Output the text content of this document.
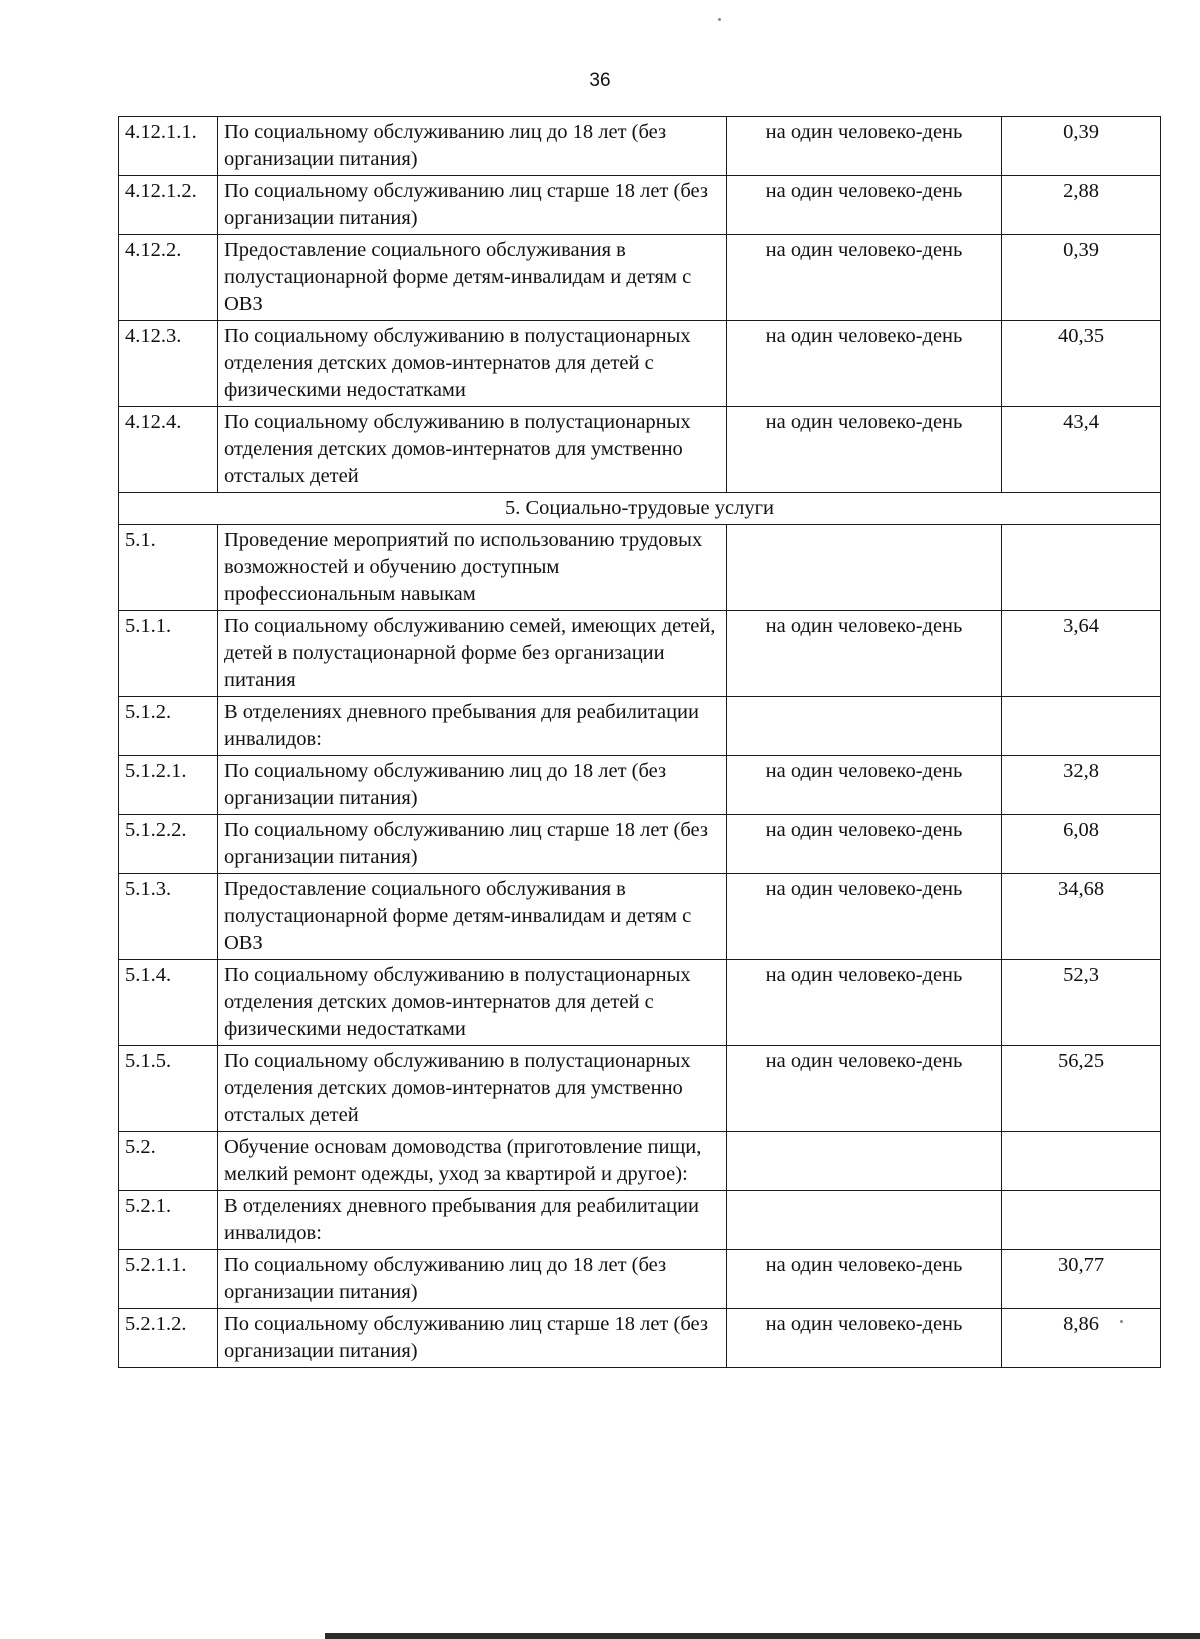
36
4.12.1.1.	По социальному обслуживанию лиц до 18 лет (без организации питания)	на один человеко-день	0,39
4.12.1.2.	По социальному обслуживанию лиц старше 18 лет (без организации питания)	на один человеко-день	2,88
4.12.2.	Предоставление социального обслуживания в полустационарной форме детям-инвалидам и детям с ОВЗ	на один человеко-день	0,39
4.12.3.	По социальному обслуживанию в полустационарных отделения детских домов-интернатов для детей с физическими недостатками	на один человеко-день	40,35
4.12.4.	По социальному обслуживанию в полустационарных отделения детских домов-интернатов для умственно отсталых детей	на один человеко-день	43,4
5. Социально-трудовые услуги			
5.1.	Проведение мероприятий по использованию трудовых возможностей и обучению доступным профессиональным навыкам		
5.1.1.	По социальному обслуживанию семей, имеющих детей, детей в полустационарной форме без организации питания	на один человеко-день	3,64
5.1.2.	В отделениях дневного пребывания для реабилитации инвалидов:		
5.1.2.1.	По социальному обслуживанию лиц до 18 лет (без организации питания)	на один человеко-день	32,8
5.1.2.2.	По социальному обслуживанию лиц старше 18 лет (без организации питания)	на один человеко-день	6,08
5.1.3.	Предоставление социального обслуживания в полустационарной форме детям-инвалидам и детям с ОВЗ	на один человеко-день	34,68
5.1.4.	По социальному обслуживанию в полустационарных отделения детских домов-интернатов для детей с физическими недостатками	на один человеко-день	52,3
5.1.5.	По социальному обслуживанию в полустационарных отделения детских домов-интернатов для умственно отсталых детей	на один человеко-день	56,25
5.2.	Обучение основам домоводства (приготовление пищи, мелкий ремонт одежды, уход за квартирой и другое):		
5.2.1.	В отделениях дневного пребывания для реабилитации инвалидов:		
5.2.1.1.	По социальному обслуживанию лиц до 18 лет (без организации питания)	на один человеко-день	30,77
5.2.1.2.	По социальному обслуживанию лиц старше 18 лет (без организации питания)	на один человеко-день	8,86
